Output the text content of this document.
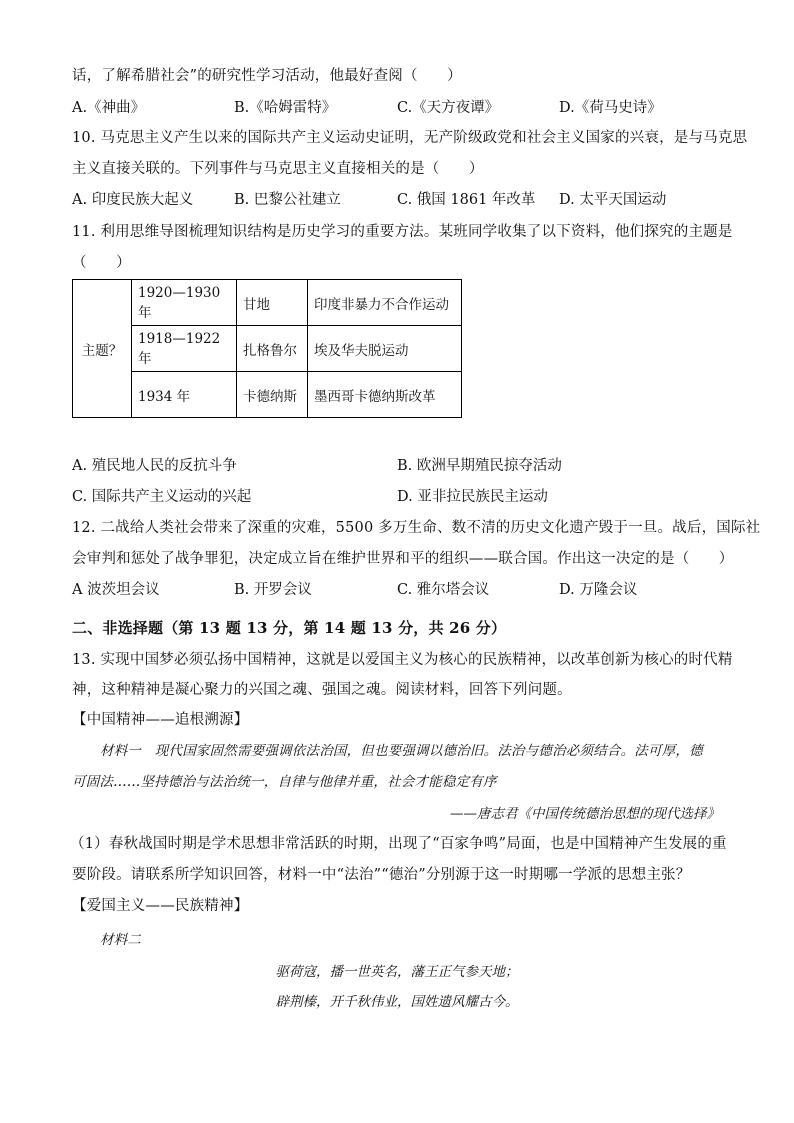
话，了解希腊社会”的研究性学习活动，他最好查阅（　　）
A.《神曲》	B.《哈姆雷特》	C.《天方夜谭》	D.《荷马史诗》
10. 马克思主义产生以来的国际共产主义运动史证明，无产阶级政党和社会主义国家的兴衰，是与马克思
主义直接关联的。下列事件与马克思主义直接相关的是（　　）
A. 印度民族大起义	B. 巴黎公社建立	C. 俄国 1861 年改革 D. 太平天国运动
11. 利用思维导图梳理知识结构是历史学习的重要方法。某班同学收集了以下资料，他们探究的主题是
（　　）
主题？	1920—1930 年	甘地	印度非暴力不合作运动
	1918—1922 年	扎格鲁尔	埃及华夫脱运动
	1934 年	卡德纳斯	墨西哥卡德纳斯改革
A. 殖民地人民的反抗斗争	B. 欧洲早期殖民掠夺活动
C. 国际共产主义运动的兴起	D. 亚非拉民族民主运动
12. 二战给人类社会带来了深重的灾难，5500 多万生命、数不清的历史文化遗产毁于一旦。战后，国际社
会审判和惩处了战争罪犯，决定成立旨在维护世界和平的组织——联合国。作出这一决定的是（　　）
A 波茨坦会议	B. 开罗会议	C. 雅尔塔会议	D. 万隆会议
二、非选择题（第 13 题 13 分，第 14 题 13 分，共 26 分）
13. 实现中国梦必须弘扬中国精神，这就是以爱国主义为核心的民族精神，以改革创新为核心的时代精
神，这种精神是凝心聚力的兴国之魂、强国之魂。阅读材料，回答下列问题。
【中国精神——追根溯源】
材料一　现代国家固然需要强调依法治国，但也要强调以德治旧。法治与德治必须结合。法可厚，德
可固法……坚持德治与法治统一，自律与他律并重，社会才能稳定有序
——唐志君《中国传统德治思想的现代选择》
（1）春秋战国时期是学术思想非常活跃的时期，出现了“百家争鸣”局面，也是中国精神产生发展的重
要阶段。请联系所学知识回答，材料一中“法治”“德治”分别源于这一时期哪一学派的思想主张？
【爱国主义——民族精神】
材料二
驱荷寇，播一世英名，藩王正气参天地；
辟荆榛，开千秋伟业，国姓遗风耀古今。
